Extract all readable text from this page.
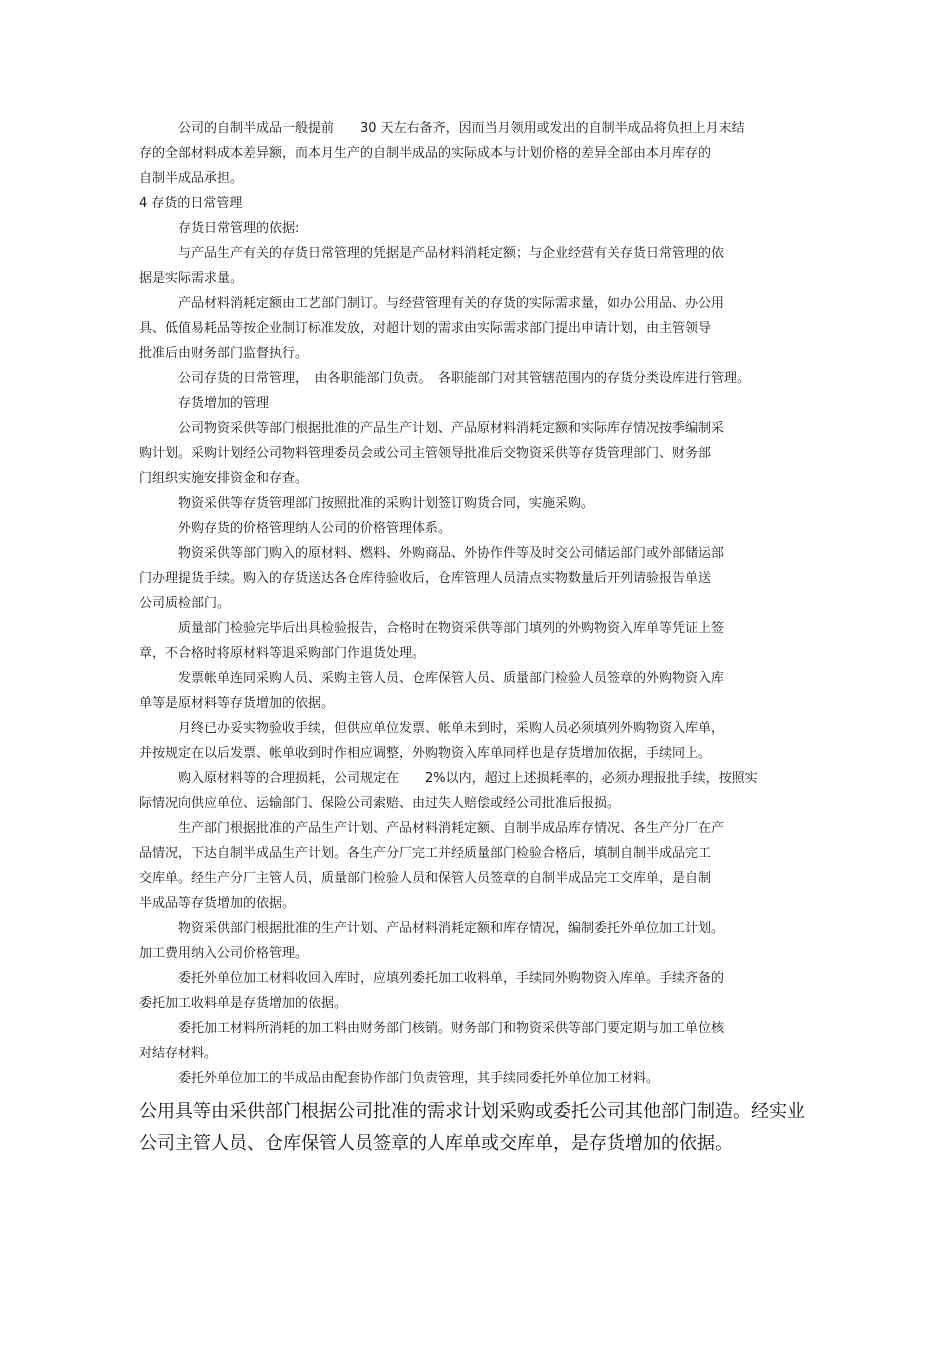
公司的自制半成品一般提前　　30 天左右备齐，因而当月领用或发出的自制半成品将负担上月末结
存的全部材料成本差异额，而本月生产的自制半成品的实际成本与计划价格的差异全部由本月库存的
自制半成品承担。
4 存货的日常管理
存货日常管理的依据:
与产品生产有关的存货日常管理的凭据是产品材料消耗定额；与企业经营有关存货日常管理的依
据是实际需求量。
产品材料消耗定额由工艺部门制订。与经营管理有关的存货的实际需求量，如办公用品、办公用
具、低值易耗品等按企业制订标准发放，对超计划的需求由实际需求部门提出申请计划，由主管领导
批准后由财务部门监督执行。
公司存货的日常管理，　由各职能部门负责。　各职能部门对其管辖范围内的存货分类设库进行管理。
存货增加的管理
公司物资采供等部门根据批准的产品生产计划、产品原材料消耗定额和实际库存情况按季编制采
购计划。采购计划经公司物料管理委员会或公司主管领导批准后交物资采供等存货管理部门、财务部
门组织实施安排资金和存查。
物资采供等存货管理部门按照批准的采购计划签订购货合同，实施采购。
外购存货的价格管理纳人公司的价格管理体系。
物资采供等部门购入的原材料、燃料、外购商品、外协作件等及时交公司储运部门或外部储运部
门办理提货手续。购入的存货送达各仓库待验收后，仓库管理人员清点实物数量后开列请验报告单送
公司质检部门。
质量部门检验完毕后出具检验报告，合格时在物资采供等部门填列的外购物资入库单等凭证上签
章，不合格时将原材料等退采购部门作退货处理。
发票帐单连同采购人员、采购主管人员、仓库保管人员、质量部门检验人员签章的外购物资入库
单等是原材料等存货增加的依据。
月终已办妥实物验收手续，但供应单位发票、帐单未到时，采购人员必须填列外购物资入库单，
并按规定在以后发票、帐单收到时作相应调整，外购物资入库单同样也是存货增加依据，手续同上。
购入原材料等的合理损耗，公司规定在　　2%以内，超过上述损耗率的，必须办理报批手续，按照实
际情况向供应单位、运输部门、保险公司索赔、由过失人赔偿或经公司批准后报损。
生产部门根据批准的产品生产计划、产品材料消耗定额、自制半成品库存情况、各生产分厂在产
品情况，下达自制半成品生产计划。各生产分厂完工并经质量部门检验合格后，填制自制半成品完工
交库单。经生产分厂主管人员，质量部门检验人员和保管人员签章的自制半成品完工交库单，是自制
半成品等存货增加的依据。
物资采供部门根据批准的生产计划、产品材料消耗定额和库存情况，编制委托外单位加工计划。
加工费用纳入公司价格管理。
委托外单位加工材料收回入库时，应填列委托加工收料单，手续同外购物资入库单。手续齐备的
委托加工收料单是存货增加的依据。
委托加工材料所消耗的加工料由财务部门核销。财务部门和物资采供等部门要定期与加工单位核
对结存材料。
委托外单位加工的半成品由配套协作部门负责管理，其手续同委托外单位加工材料。
公用具等由采供部门根据公司批准的需求计划采购或委托公司其他部门制造。经实业
公司主管人员、仓库保管人员签章的人库单或交库单，是存货增加的依据。
